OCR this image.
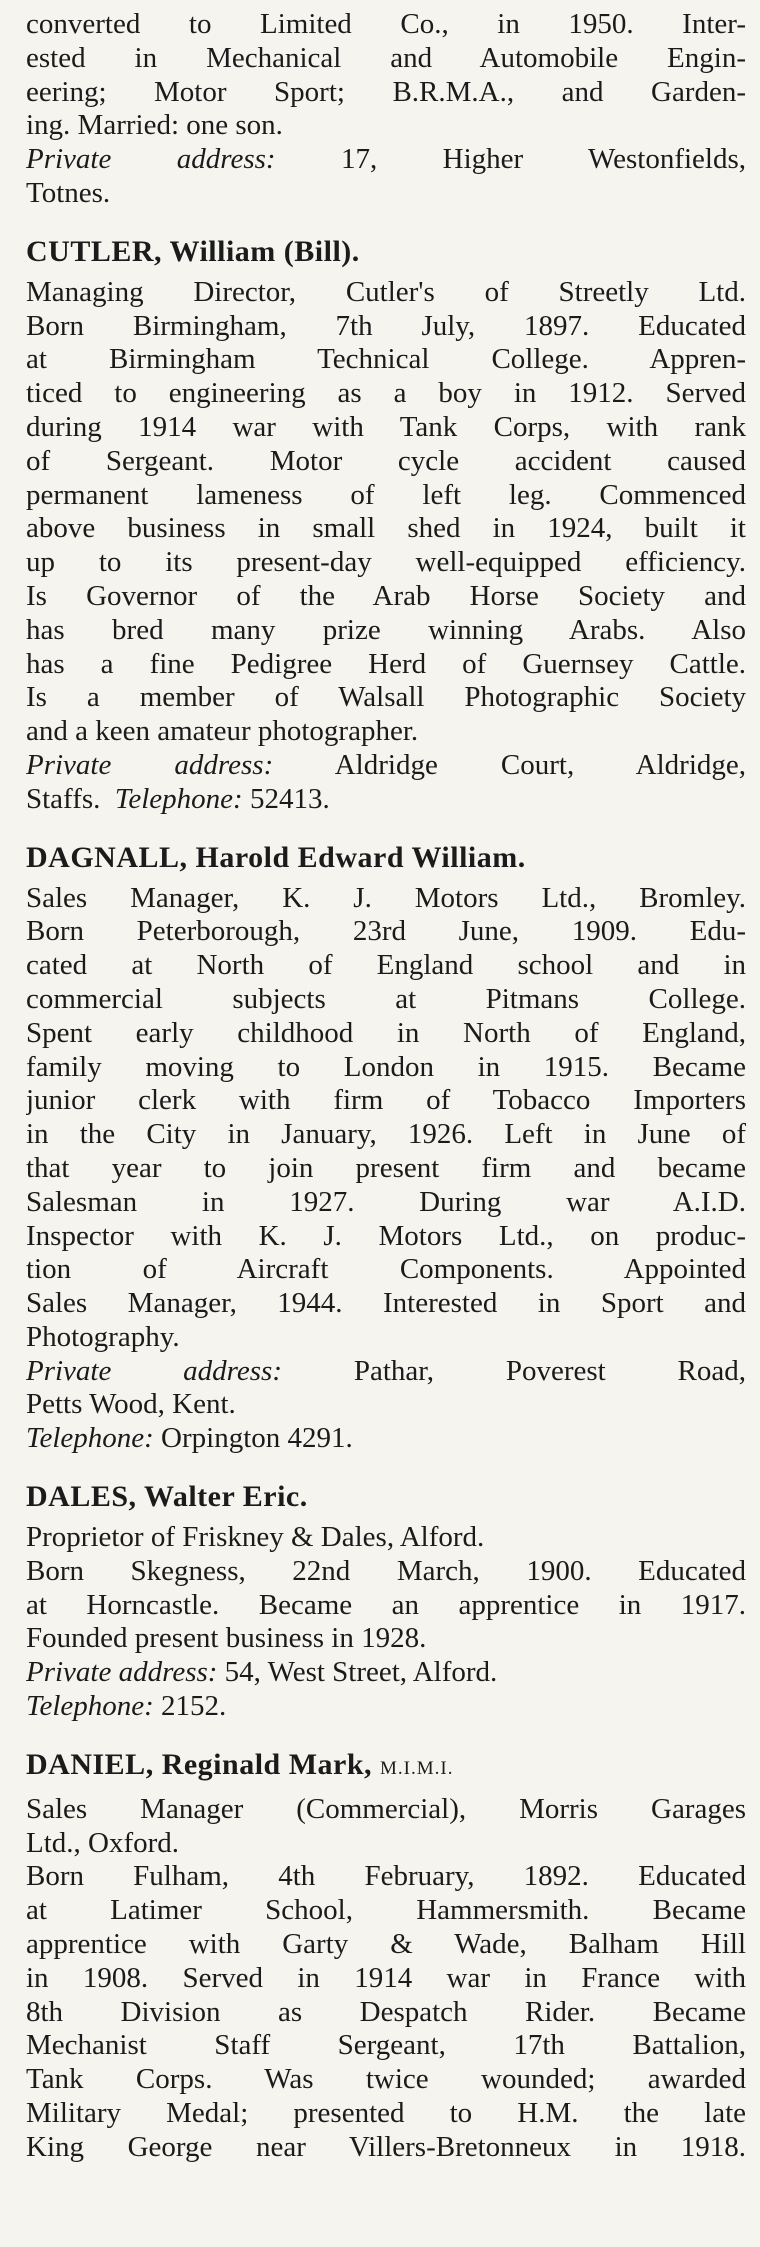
converted to Limited Co., in 1950. Inter-
ested in Mechanical and Automobile Engin-
eering; Motor Sport; B.R.M.A., and Garden-
ing. Married: one son.
Private address: 17, Higher Westonfields,
Totnes.
CUTLER, William (Bill).
Managing Director, Cutler's of Streetly Ltd.
Born Birmingham, 7th July, 1897. Educated
at Birmingham Technical College. Appren-
ticed to engineering as a boy in 1912. Served
during 1914 war with Tank Corps, with rank
of Sergeant. Motor cycle accident caused
permanent lameness of left leg. Commenced
above business in small shed in 1924, built it
up to its present-day well-equipped efficiency.
Is Governor of the Arab Horse Society and
has bred many prize winning Arabs. Also
has a fine Pedigree Herd of Guernsey Cattle.
Is a member of Walsall Photographic Society
and a keen amateur photographer.
Private address: Aldridge Court, Aldridge,
Staffs. Telephone: 52413.
DAGNALL, Harold Edward William.
Sales Manager, K. J. Motors Ltd., Bromley.
Born Peterborough, 23rd June, 1909. Edu-
cated at North of England school and in
commercial subjects at Pitmans College.
Spent early childhood in North of England,
family moving to London in 1915. Became
junior clerk with firm of Tobacco Importers
in the City in January, 1926. Left in June of
that year to join present firm and became
Salesman in 1927. During war A.I.D.
Inspector with K. J. Motors Ltd., on produc-
tion of Aircraft Components. Appointed
Sales Manager, 1944. Interested in Sport and
Photography.
Private address: Pathar, Poverest Road,
Petts Wood, Kent.
Telephone: Orpington 4291.
DALES, Walter Eric.
Proprietor of Friskney & Dales, Alford.
Born Skegness, 22nd March, 1900. Educated
at Horncastle. Became an apprentice in 1917.
Founded present business in 1928.
Private address: 54, West Street, Alford.
Telephone: 2152.
DANIEL, Reginald Mark, M.I.M.I.
Sales Manager (Commercial), Morris Garages
Ltd., Oxford.
Born Fulham, 4th February, 1892. Educated
at Latimer School, Hammersmith. Became
apprentice with Garty & Wade, Balham Hill
in 1908. Served in 1914 war in France with
8th Division as Despatch Rider. Became
Mechanist Staff Sergeant, 17th Battalion,
Tank Corps. Was twice wounded; awarded
Military Medal; presented to H.M. the late
King George near Villers-Bretonneux in 1918.
